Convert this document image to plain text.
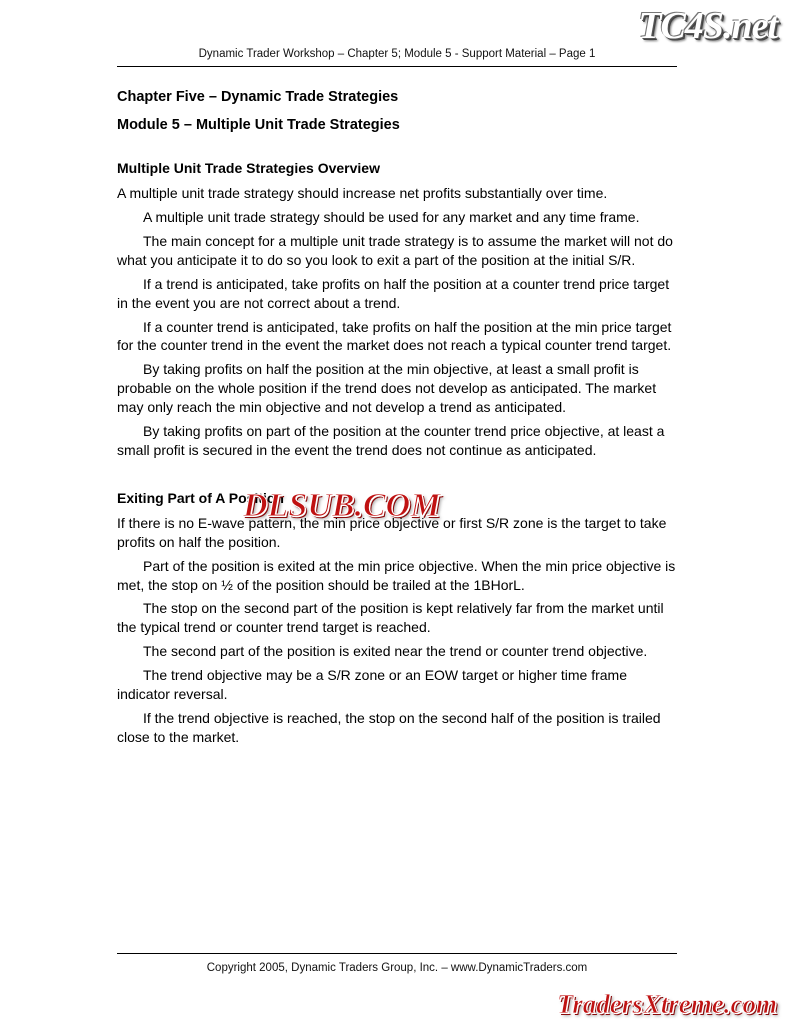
TC4S.net
Dynamic Trader Workshop – Chapter 5; Module 5 - Support Material – Page 1
Chapter Five – Dynamic Trade Strategies
Module 5 – Multiple Unit Trade Strategies
Multiple Unit Trade Strategies Overview

A multiple unit trade strategy should increase net profits substantially over time.

A multiple unit trade strategy should be used for any market and any time frame.

The main concept for a multiple unit trade strategy is to assume the market will not do what you anticipate it to do so you look to exit a part of the position at the initial S/R.

If a trend is anticipated, take profits on half the position at a counter trend price target in the event you are not correct about a trend.

If a counter trend is anticipated, take profits on half the position at the min price target for the counter trend in the event the market does not reach a typical counter trend target.

By taking profits on half the position at the min objective, at least a small profit is probable on the whole position if the trend does not develop as anticipated. The market may only reach the min objective and not develop a trend as anticipated.

By taking profits on part of the position at the counter trend price objective, at least a small profit is secured in the event the trend does not continue as anticipated.

Exiting Part of A Position

If there is no E-wave pattern, the min price objective or first S/R zone is the target to take profits on half the position.

Part of the position is exited at the min price objective. When the min price objective is met, the stop on ½ of the position should be trailed at the 1BHorL.

The stop on the second part of the position is kept relatively far from the market until the typical trend or counter trend target is reached.

The second part of the position is exited near the trend or counter trend objective.

The trend objective may be a S/R zone or an EOW target or higher time frame indicator reversal.

If the trend objective is reached, the stop on the second half of the position is trailed close to the market.

DLSUB.COM
Copyright 2005, Dynamic Traders Group, Inc. – www.DynamicTraders.com
TradersXtreme.com
